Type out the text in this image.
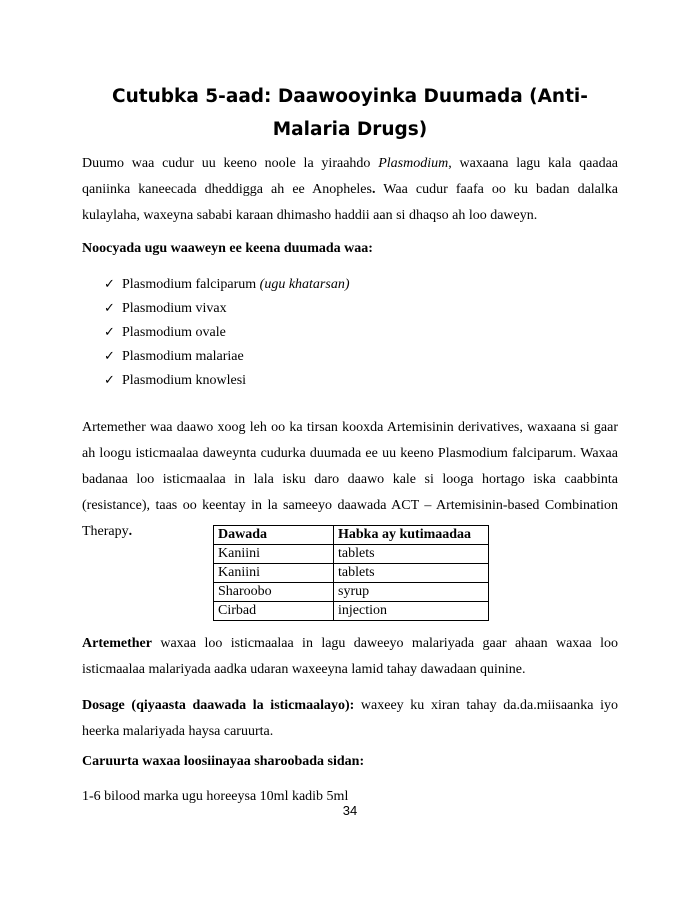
Cutubka 5-aad: Daawooyinka Duumada (Anti-Malaria Drugs)

Duumo waa cudur uu keeno noole la yiraahdo Plasmodium, waxaana lagu kala qaadaa qaniinka kaneecada dheddigga ah ee Anopheles. Waa cudur faafa oo ku badan dalalka kulaylaha, waxeyna sababi karaan dhimasho haddii aan si dhaqso ah loo daweyn.

Noocyada ugu waaweyn ee keena duumada waa:

✓ Plasmodium falciparum
(ugu khatarsan)
✓ Plasmodium vivax
✓ Plasmodium ovale
✓ Plasmodium malariae
✓ Plasmodium knowlesi

Artemether waa daawo xoog leh oo ka tirsan kooxda Artemisinin derivatives, waxaana si gaar ah loogu isticmaalaa daweynta cudurka duumada ee uu keeno Plasmodium falciparum. Waxaa badanaa loo isticmaalaa in lala isku daro daawo kale si looga hortago iska caabbinta (resistance), taas oo keentay in la sameeyo daawada ACT – Artemisinin-based Combination Therapy.	Dawada	Habka ay kutimaadaa
Kaniini	tablets
Kaniini	tablets
Sharoobo	syrup
Cirbad	injection

Artemether waxaa loo isticmaalaa in lagu daweeyo malariyada gaar ahaan waxaa loo isticmaalaa malariyada aadka udaran waxeeyna lamid tahay dawadaan quinine.

Dosage (qiyaasta daawada la isticmaalayo): waxeey ku xiran tahay da.da.miisaanka iyo heerka malariyada haysa caruurta.

Caruurta waxaa loosiinayaa sharoobada sidan:

1-6 bilood marka ugu horeeysa 10ml kadib 5ml

34
